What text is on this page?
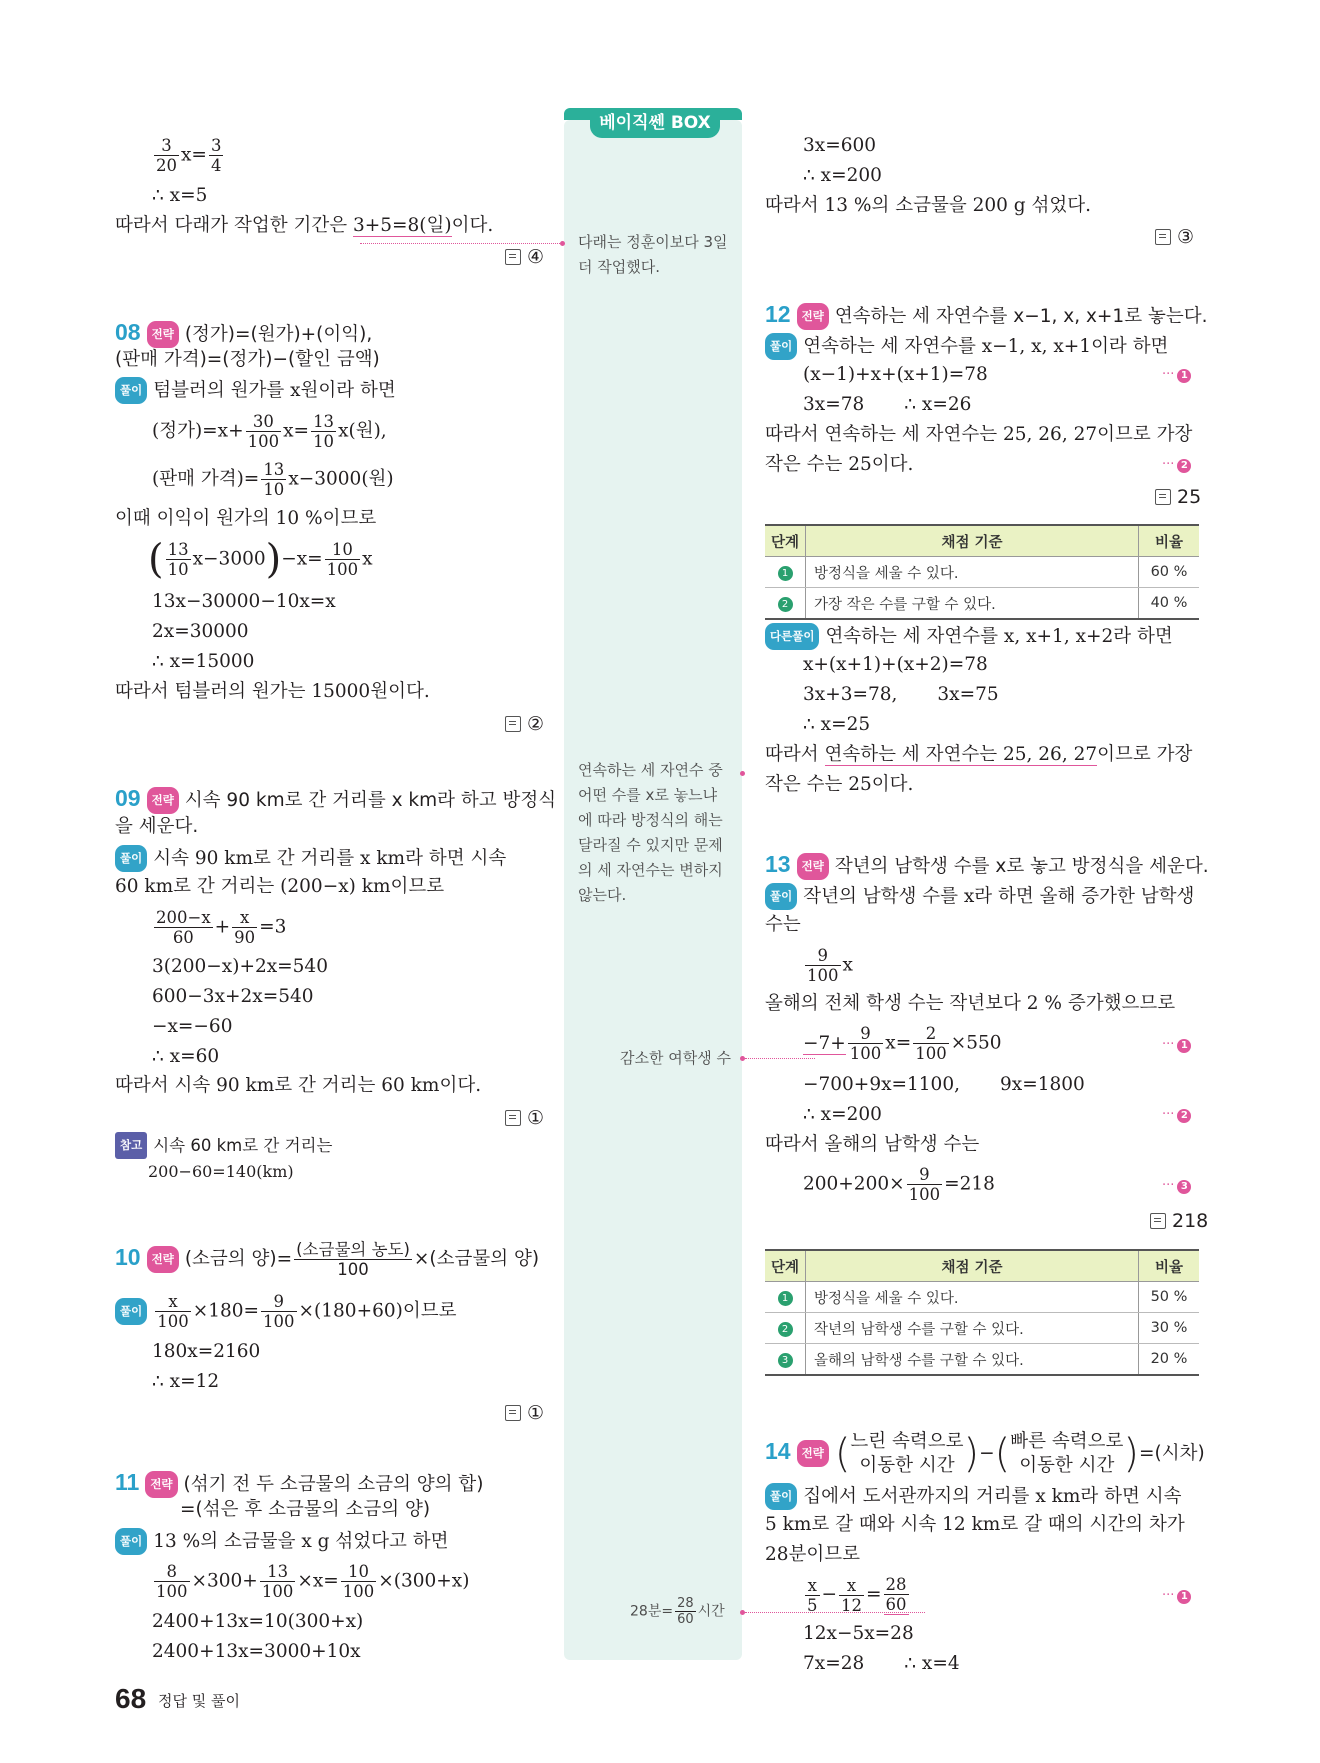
베이직쎈 BOX
$\frac{3}{20} x= \frac{3}{4}$
∴ x=5
따라서 다래가 작업한 기간은 3+5=8(일)이다.
④
08 전략 (정가)=(원가)+(이익),
(판매 가격)=(정가)−(할인 금액)
풀이 텀블러의 원가를 x원이라 하면
(정가)$=x+ \frac{30}{100} x= \frac{13}{10} x$(원),
(판매 가격)= $\frac{13}{10} x-3000$(원)
이때 이익이 원가의 10 %이므로
( $\frac{13}{10} x-3000)-x= \frac{10}{100}$ x
13x−30000−10x=x
2x=30000
∴ x=15000
따라서 텀블러의 원가는 15000원이다.
②
09 전략 시속 90 km로 간 거리를 x km라 하고 방정식
을 세운다.
풀이 시속 90 km로 간 거리를 x km라 하면 시속
60 km로 간 거리는 (200−x) km이므로
$\frac{200-x}{60} + \frac{x}{90} =3$
3(200−x)+2x=540
600−3x+2x=540
−x=−60
∴ x=60
따라서 시속 90 km로 간 거리는 60 km이다.
①
참고 시속 60 km로 간 거리는
200−60=140(km)
10 전략 (소금의 양)= $\frac{\text{(소금물의 농도)}}{100}$ ×(소금물의 양)
풀이 $\frac{x}{100} \times 180= \frac{9}{100} \times(180+60)$이므로
180x=2160
∴ x=12
①
11 전략 (섞기 전 두 소금물의 소금의 양의 합)
=(섞은 후 소금물의 소금의 양)
풀이 13 %의 소금물을 x g 섞었다고 하면
$\frac{8}{100} \times 300+ \frac{13}{100} \times x= \frac{10}{100} \times(300+x)$
2400+13x=10(300+x)
2400+13x=3000+10x
다래는 정훈이보다 3일
더 작업했다.
연속하는 세 자연수 중
어떤 수를 x로 놓느냐
에 따라 방정식의 해는
달라질 수 있지만 문제
의 세 자연수는 변하지
않는다.
감소한 여학생 수
28분= $\frac{28}{60}$ 시간
3x=600
∴ x=200
따라서 13 %의 소금물을 200 g 섞었다.
③
12 전략 연속하는 세 자연수를 x−1, x, x+1로 놓는다.
풀이 연속하는 세 자연수를 x−1, x, x+1이라 하면
(x−1)+x+(x+1)=78	··· 1
3x=78 ∴ x=26
따라서 연속하는 세 자연수는 25, 26, 27이므로 가장
작은 수는 25이다.	··· 2
25
단계	채점 기준	비율
1	방정식을 세울 수 있다.	60 %
2	가장 작은 수를 구할 수 있다.	40 %
다른풀이 연속하는 세 자연수를 x, x+1, x+2라 하면
x+(x+1)+(x+2)=78
3x+3=78, 3x=75
∴ x=25
따라서 연속하는 세 자연수는 25, 26, 27이므로 가장
작은 수는 25이다.
13 전략 작년의 남학생 수를 x로 놓고 방정식을 세운다.
풀이 작년의 남학생 수를 x라 하면 올해 증가한 남학생
수는
$\frac{9}{100}$ x
올해의 전체 학생 수는 작년보다 2 % 증가했으므로
$-7+ \frac{9}{100} x= \frac{2}{100} \times 550$	··· 1
−700+9x=1100, 9x=1800
∴ x=200	··· 2
따라서 올해의 남학생 수는
$200+200\times \frac{9}{100} =218$	··· 3
218
단계	채점 기준	비율
1	방정식을 세울 수 있다.	50 %
2	작년의 남학생 수를 구할 수 있다.	30 %
3	올해의 남학생 수를 구할 수 있다.	20 %
14 전략 ( 느린 속력으로
이동한 시간 )−( 빠른 속력으로
이동한 시간 )=(시차)
풀이 집에서 도서관까지의 거리를 x km라 하면 시속
5 km로 갈 때와 시속 12 km로 갈 때의 시간의 차가
28분이므로
$\frac{x}{5} - \frac{x}{12} = \frac{28}{60}$	··· 1
12x−5x=28
7x=28 ∴ x=4
68 정답 및 풀이
